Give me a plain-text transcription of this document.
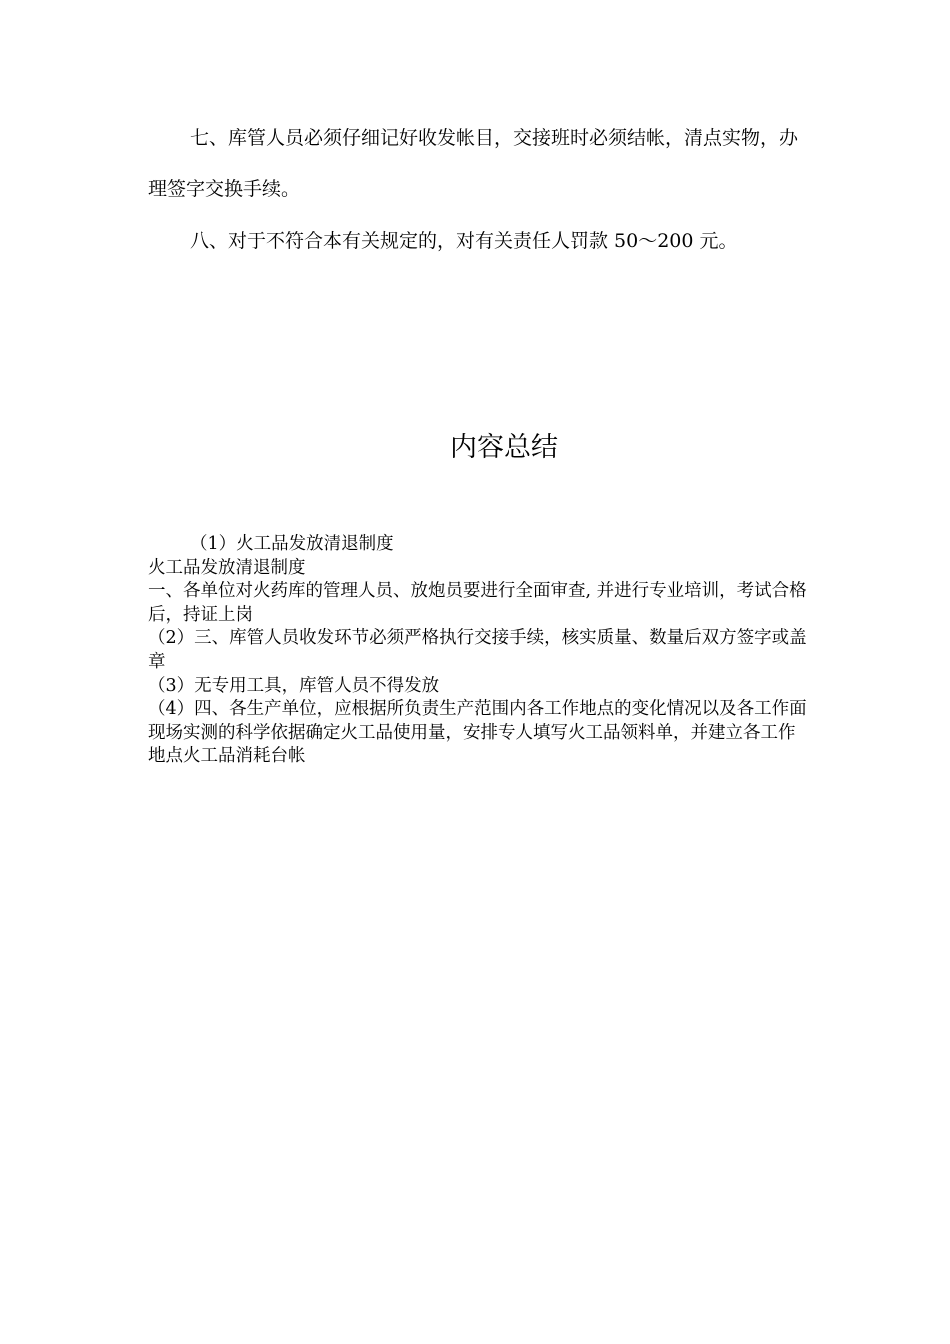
七、库管人员必须仔细记好收发帐目，交接班时必须结帐，清点实物，办理签字交换手续。

八、对于不符合本有关规定的，对有关责任人罚款 50～200 元。

内容总结

（1）火工品发放清退制度

火工品发放清退制度

一、各单位对火药库的管理人员、放炮员要进行全面审查, 并进行专业培训，考试合格后，持证上岗

（2）三、库管人员收发环节必须严格执行交接手续，核实质量、数量后双方签字或盖章

（3）无专用工具，库管人员不得发放

（4）四、各生产单位，应根据所负责生产范围内各工作地点的变化情况以及各工作面现场实测的科学依据确定火工品使用量，安排专人填写火工品领料单，并建立各工作地点火工品消耗台帐
